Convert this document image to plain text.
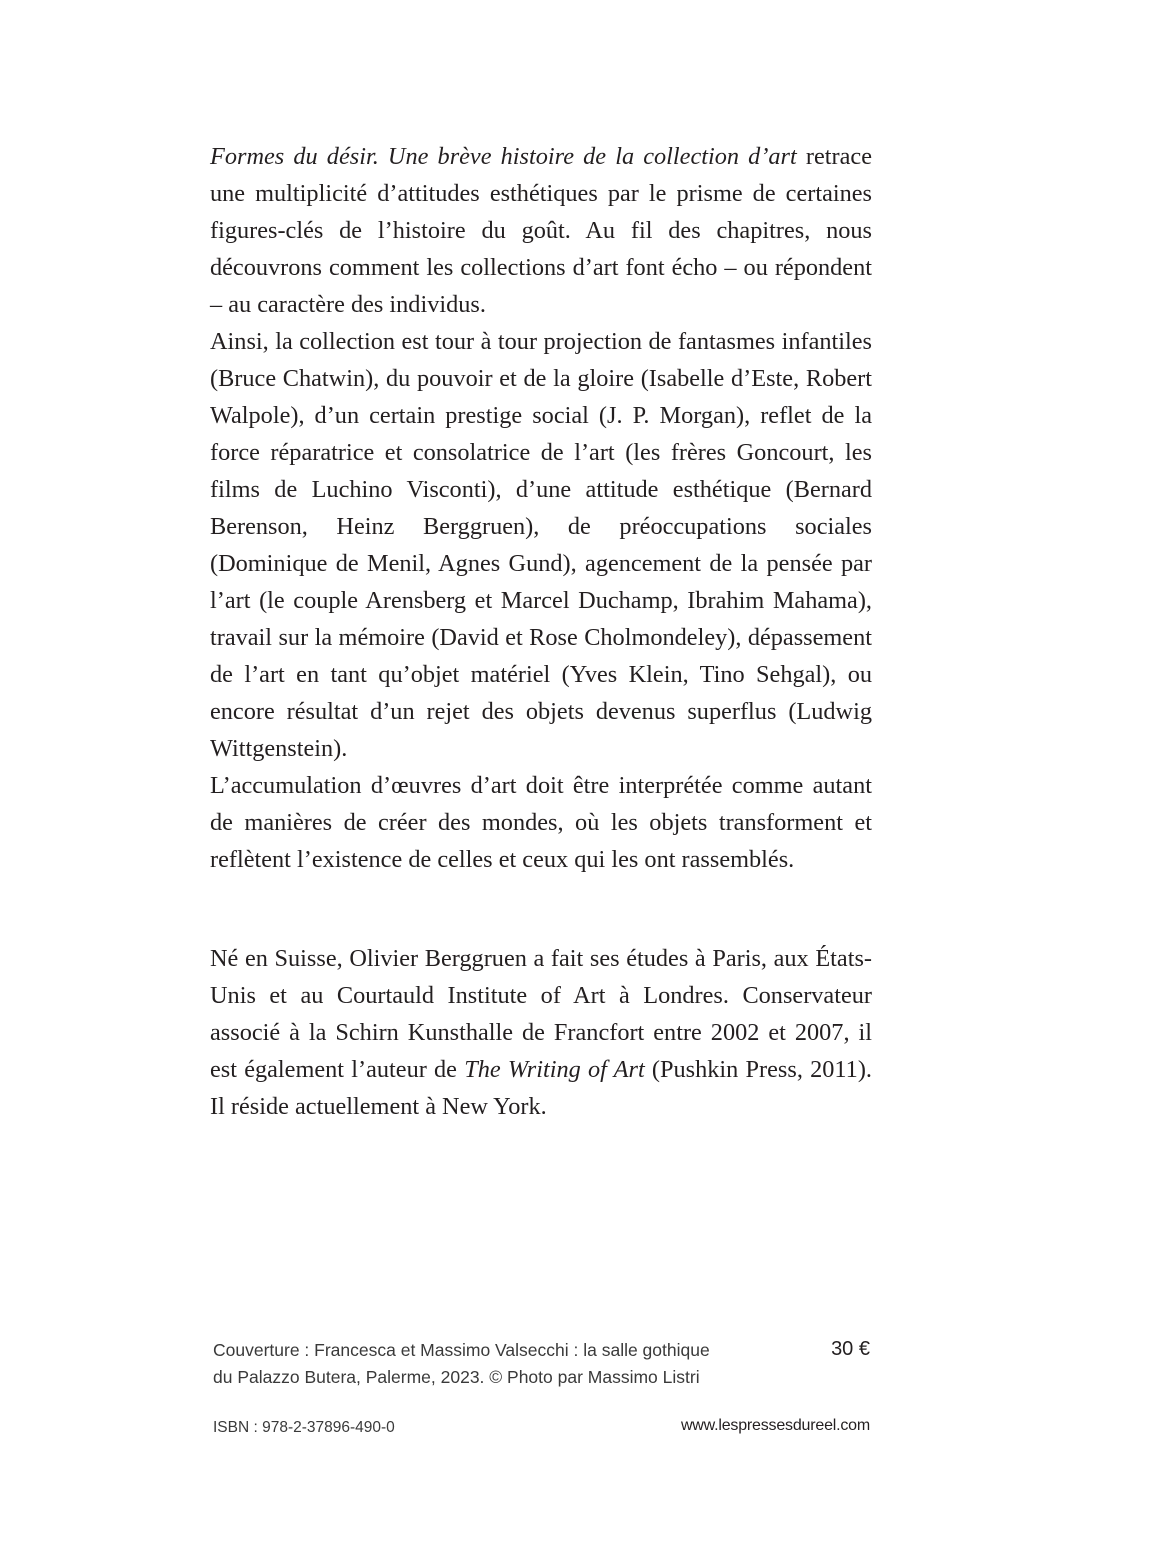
Formes du désir. Une brève histoire de la collection d’art retrace une multiplicité d’attitudes esthétiques par le prisme de certaines figures-clés de l’histoire du goût. Au fil des chapitres, nous découvrons comment les collections d’art font écho – ou répondent – au caractère des individus.

Ainsi, la collection est tour à tour projection de fantasmes infantiles (Bruce Chatwin), du pouvoir et de la gloire (Isabelle d’Este, Robert Walpole), d’un certain prestige social (J. P. Morgan), reflet de la force réparatrice et consolatrice de l’art (les frères Goncourt, les films de Luchino Visconti), d’une attitude esthétique (Bernard Berenson, Heinz Berggruen), de préoccupations sociales (Dominique de Menil, Agnes Gund), agencement de la pensée par l’art (le couple Arensberg et Marcel Duchamp, Ibrahim Mahama), travail sur la mémoire (David et Rose Cholmondeley), dépassement de l’art en tant qu’objet matériel (Yves Klein, Tino Sehgal), ou encore résultat d’un rejet des objets devenus superflus (Ludwig Wittgenstein).

L’accumulation d’œuvres d’art doit être interprétée comme autant de manières de créer des mondes, où les objets transforment et reflètent l’existence de celles et ceux qui les ont rassemblés.

Né en Suisse, Olivier Berggruen a fait ses études à Paris, aux États-Unis et au Courtauld Institute of Art à Londres. Conservateur associé à la Schirn Kunsthalle de Francfort entre 2002 et 2007, il est également l’auteur de The Writing of Art (Pushkin Press, 2011). Il réside actuellement à New York.

Couverture : Francesca et Massimo Valsecchi : la salle gothique
du Palazzo Butera, Palerme, 2023. © Photo par Massimo Listri
30 €
ISBN : 978-2-37896-490-0	www.lespressesdureel.com
